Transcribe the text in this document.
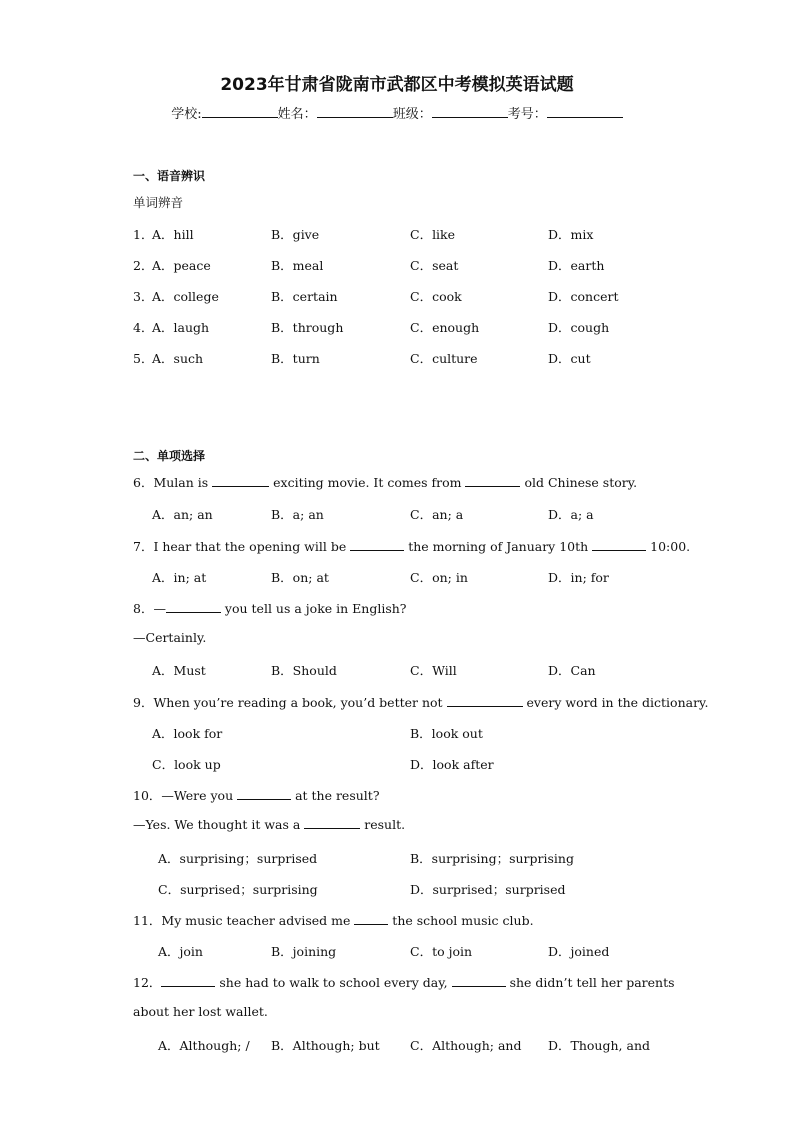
2023年甘肃省陇南市武都区中考模拟英语试题
学校:	姓名：	班级：	考号：
一、语音辨识
单词辨音
1．
A．hill	B．give	C．like	D．mix
2．
A．peace	B．meal	C．seat	D．earth
3．
A．college	B．certain	C．cook	D．concert
4．
A．laugh	B．through	C．enough	D．cough
5．
A．such	B．turn	C．culture	D．cut
二、单项选择
6．Mulan is	exciting movie. It comes from	old Chinese story.
A．an; an	B．a; an	C．an; a	D．a; a
7．I hear that the opening will be	the morning of January 10th	10:00.
A．in; at	B．on; at	C．on; in	D．in; for
8．—	you tell us a joke in English?
—Certainly.
A．Must	B．Should	C．Will	D．Can
9．When you’re reading a book, you’d better not	every word in the dictionary.
A．look for	B．look out
C．look up	D．look after
10．—Were you	at the result?
—Yes. We thought it was a	result.
A．surprising；surprised	B．surprising；surprising
C．surprised；surprising	D．surprised；surprised
11．My music teacher advised me	the school music club.
A．join	B．joining	C．to join	D．joined
12．	she had to walk to school every day,	she didn’t tell her parents
about her lost wallet.
A．Although; / B．Although; but C．Although; and D．Though, and
